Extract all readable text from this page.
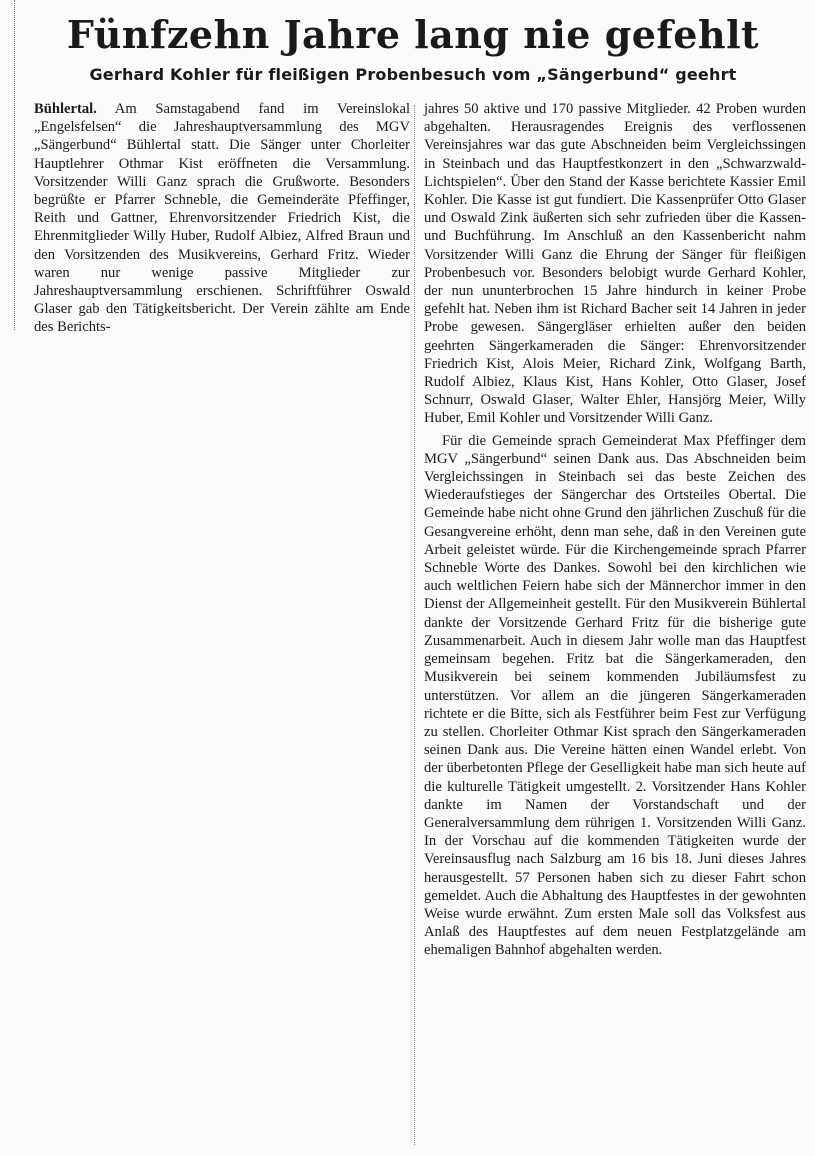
Fünfzehn Jahre lang nie gefehlt
Gerhard Kohler für fleißigen Probenbesuch vom „Sängerbund“ geehrt

Bühlertal. Am Samstagabend fand im Vereinslokal „Engelsfelsen“ die Jahreshauptversammlung des MGV „Sängerbund“ Bühlertal statt. Die Sänger unter Chorleiter Hauptlehrer Othmar Kist eröffneten die Versammlung. Vorsitzender Willi Ganz sprach die Grußworte. Besonders begrüßte er Pfarrer Schneble, die Gemeinderäte Pfeffinger, Reith und Gattner, Ehrenvorsitzender Friedrich Kist, die Ehrenmitglieder Willy Huber, Rudolf Albiez, Alfred Braun und den Vorsitzenden des Musikvereins, Gerhard Fritz. Wieder waren nur wenige passive Mitglieder zur Jahreshauptversammlung erschienen. Schriftführer Oswald Glaser gab den Tätigkeitsbericht. Der Verein zählte am Ende des Berichts-

jahres 50 aktive und 170 passive Mitglieder. 42 Proben wurden abgehalten. Herausragendes Ereignis des verflossenen Vereinsjahres war das gute Abschneiden beim Vergleichssingen in Steinbach und das Hauptfestkonzert in den „Schwarzwald-Lichtspielen“. Über den Stand der Kasse berichtete Kassier Emil Kohler. Die Kasse ist gut fundiert. Die Kassenprüfer Otto Glaser und Oswald Zink äußerten sich sehr zufrieden über die Kassen- und Buchführung. Im Anschluß an den Kassenbericht nahm Vorsitzender Willi Ganz die Ehrung der Sänger für fleißigen Probenbesuch vor. Besonders belobigt wurde Gerhard Kohler, der nun ununterbrochen 15 Jahre hindurch in keiner Probe gefehlt hat. Neben ihm ist Richard Bacher seit 14 Jahren in jeder Probe gewesen. Sängergläser erhielten außer den beiden geehrten Sängerkameraden die Sänger: Ehrenvorsitzender Friedrich Kist, Alois Meier, Richard Zink, Wolfgang Barth, Rudolf Albiez, Klaus Kist, Hans Kohler, Otto Glaser, Josef Schnurr, Oswald Glaser, Walter Ehler, Hansjörg Meier, Willy Huber, Emil Kohler und Vorsitzender Willi Ganz.

Für die Gemeinde sprach Gemeinderat Max Pfeffinger dem MGV „Sängerbund“ seinen Dank aus. Das Abschneiden beim Vergleichssingen in Steinbach sei das beste Zeichen des Wiederaufstieges der Sängerchar des Ortsteiles Obertal. Die Gemeinde habe nicht ohne Grund den jährlichen Zuschuß für die Gesangvereine erhöht, denn man sehe, daß in den Vereinen gute Arbeit geleistet würde. Für die Kirchengemeinde sprach Pfarrer Schneble Worte des Dankes. Sowohl bei den kirchlichen wie auch weltlichen Feiern habe sich der Männerchor immer in den Dienst der Allgemeinheit gestellt. Für den Musikverein Bühlertal dankte der Vorsitzende Gerhard Fritz für die bisherige gute Zusammenarbeit. Auch in diesem Jahr wolle man das Hauptfest gemeinsam begehen. Fritz bat die Sängerkameraden, den Musikverein bei seinem kommenden Jubiläumsfest zu unterstützen. Vor allem an die jüngeren Sängerkameraden richtete er die Bitte, sich als Festführer beim Fest zur Verfügung zu stellen. Chorleiter Othmar Kist sprach den Sängerkameraden seinen Dank aus. Die Vereine hätten einen Wandel erlebt. Von der überbetonten Pflege der Geselligkeit habe man sich heute auf die kulturelle Tätigkeit umgestellt. 2. Vorsitzender Hans Kohler dankte im Namen der Vorstandschaft und der Generalversammlung dem rührigen 1. Vorsitzenden Willi Ganz. In der Vorschau auf die kommenden Tätigkeiten wurde der Vereinsausflug nach Salzburg am 16 bis 18. Juni dieses Jahres herausgestellt. 57 Personen haben sich zu dieser Fahrt schon gemeldet. Auch die Abhaltung des Hauptfestes in der gewohnten Weise wurde erwähnt. Zum ersten Male soll das Volksfest aus Anlaß des Hauptfestes auf dem neuen Festplatzgelände am ehemaligen Bahnhof abgehalten werden.
